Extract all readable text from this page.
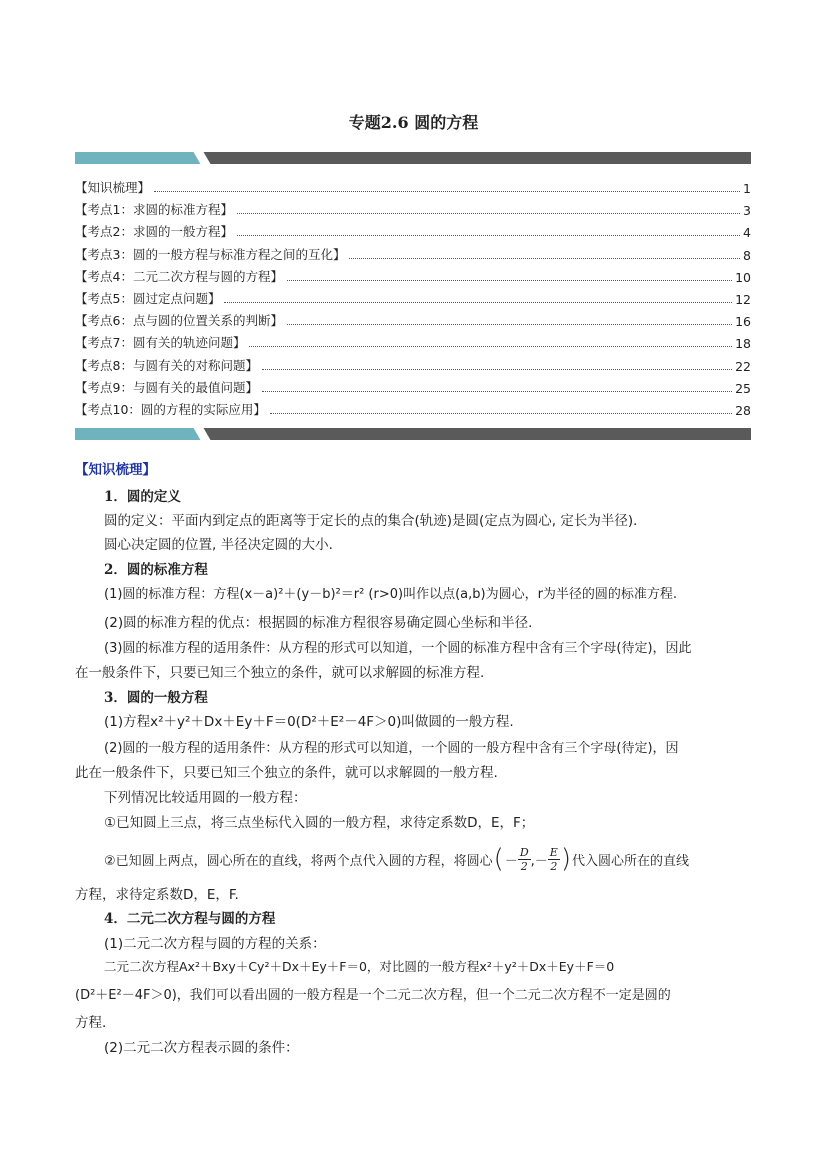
专题2.6 圆的方程
【知识梳理】	1
【考点1：求圆的标准方程】	3
【考点2：求圆的一般方程】	4
【考点3：圆的一般方程与标准方程之间的互化】	8
【考点4：二元二次方程与圆的方程】	10
【考点5：圆过定点问题】	12
【考点6：点与圆的位置关系的判断】	16
【考点7：圆有关的轨迹问题】	18
【考点8：与圆有关的对称问题】	22
【考点9：与圆有关的最值问题】	25
【考点10：圆的方程的实际应用】	28
【知识梳理】
1．圆的定义
圆的定义：平面内到定点的距离等于定长的点的集合(轨迹)是圆(定点为圆心, 定长为半径)．
圆心决定圆的位置, 半径决定圆的大小.
2．圆的标准方程
(1)圆的标准方程：方程(x－a)²＋(y－b)²＝r² (r>0)叫作以点(a,b)为圆心，r为半径的圆的标准方程.
(2)圆的标准方程的优点：根据圆的标准方程很容易确定圆心坐标和半径.
(3)圆的标准方程的适用条件：从方程的形式可以知道，一个圆的标准方程中含有三个字母(待定)，因此
在一般条件下，只要已知三个独立的条件，就可以求解圆的标准方程.
3．圆的一般方程
(1)方程x²＋y²＋Dx＋Ey＋F＝0(D²＋E²－4F＞0)叫做圆的一般方程.
(2)圆的一般方程的适用条件：从方程的形式可以知道，一个圆的一般方程中含有三个字母(待定)，因
此在一般条件下，只要已知三个独立的条件，就可以求解圆的一般方程.
下列情况比较适用圆的一般方程：
①已知圆上三点，将三点坐标代入圆的一般方程，求待定系数D，E，F；
②已知圆上两点，圆心所在的直线，将两个点代入圆的方程，将圆心 ( － $\frac{D}{2}$ ,－ $\frac{E}{2}$ ) 代入圆心所在的直线
方程，求待定系数D，E，F.
4．二元二次方程与圆的方程
(1)二元二次方程与圆的方程的关系：
二元二次方程Ax²＋Bxy＋Cy²＋Dx＋Ey＋F＝0，对比圆的一般方程x²＋y²＋Dx＋Ey＋F＝0
(D²＋E²－4F＞0)，我们可以看出圆的一般方程是一个二元二次方程，但一个二元二次方程不一定是圆的
方程.
(2)二元二次方程表示圆的条件：
